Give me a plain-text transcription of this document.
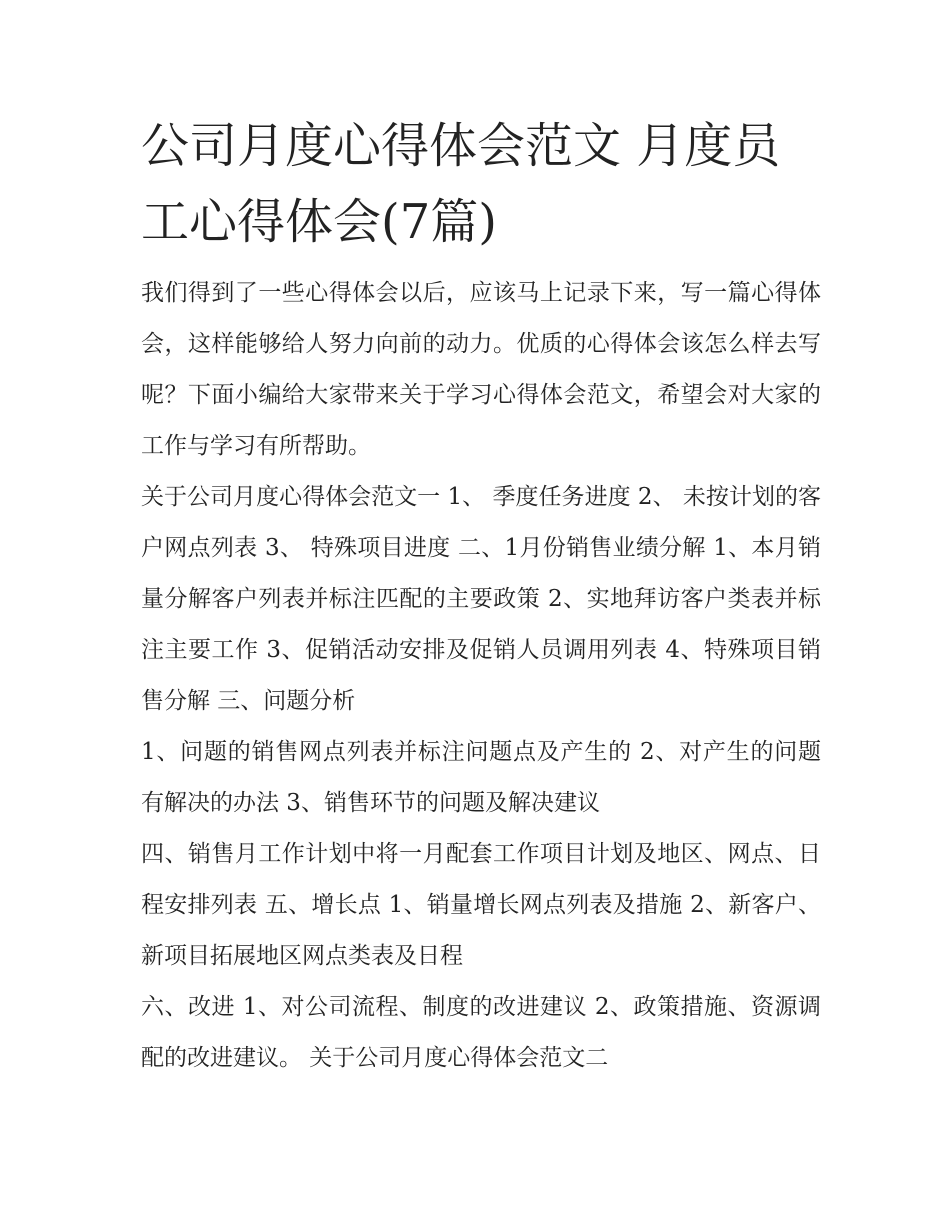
公司月度心得体会范文 月度员工心得体会(7篇)

我们得到了一些心得体会以后，应该马上记录下来，写一篇心得体会，这样能够给人努力向前的动力。优质的心得体会该怎么样去写呢？下面小编给大家带来关于学习心得体会范文，希望会对大家的工作与学习有所帮助。

关于公司月度心得体会范文一 1、 季度任务进度 2、 未按计划的客户网点列表 3、 特殊项目进度 二、1月份销售业绩分解 1、本月销量分解客户列表并标注匹配的主要政策 2、实地拜访客户类表并标注主要工作 3、促销活动安排及促销人员调用列表 4、特殊项目销售分解 三、问题分析

1、问题的销售网点列表并标注问题点及产生的 2、对产生的问题有解决的办法 3、销售环节的问题及解决建议

四、销售月工作计划中将一月配套工作项目计划及地区、网点、日程安排列表 五、增长点 1、销量增长网点列表及措施 2、新客户、新项目拓展地区网点类表及日程

六、改进 1、对公司流程、制度的改进建议 2、政策措施、资源调配的改进建议。 关于公司月度心得体会范文二
